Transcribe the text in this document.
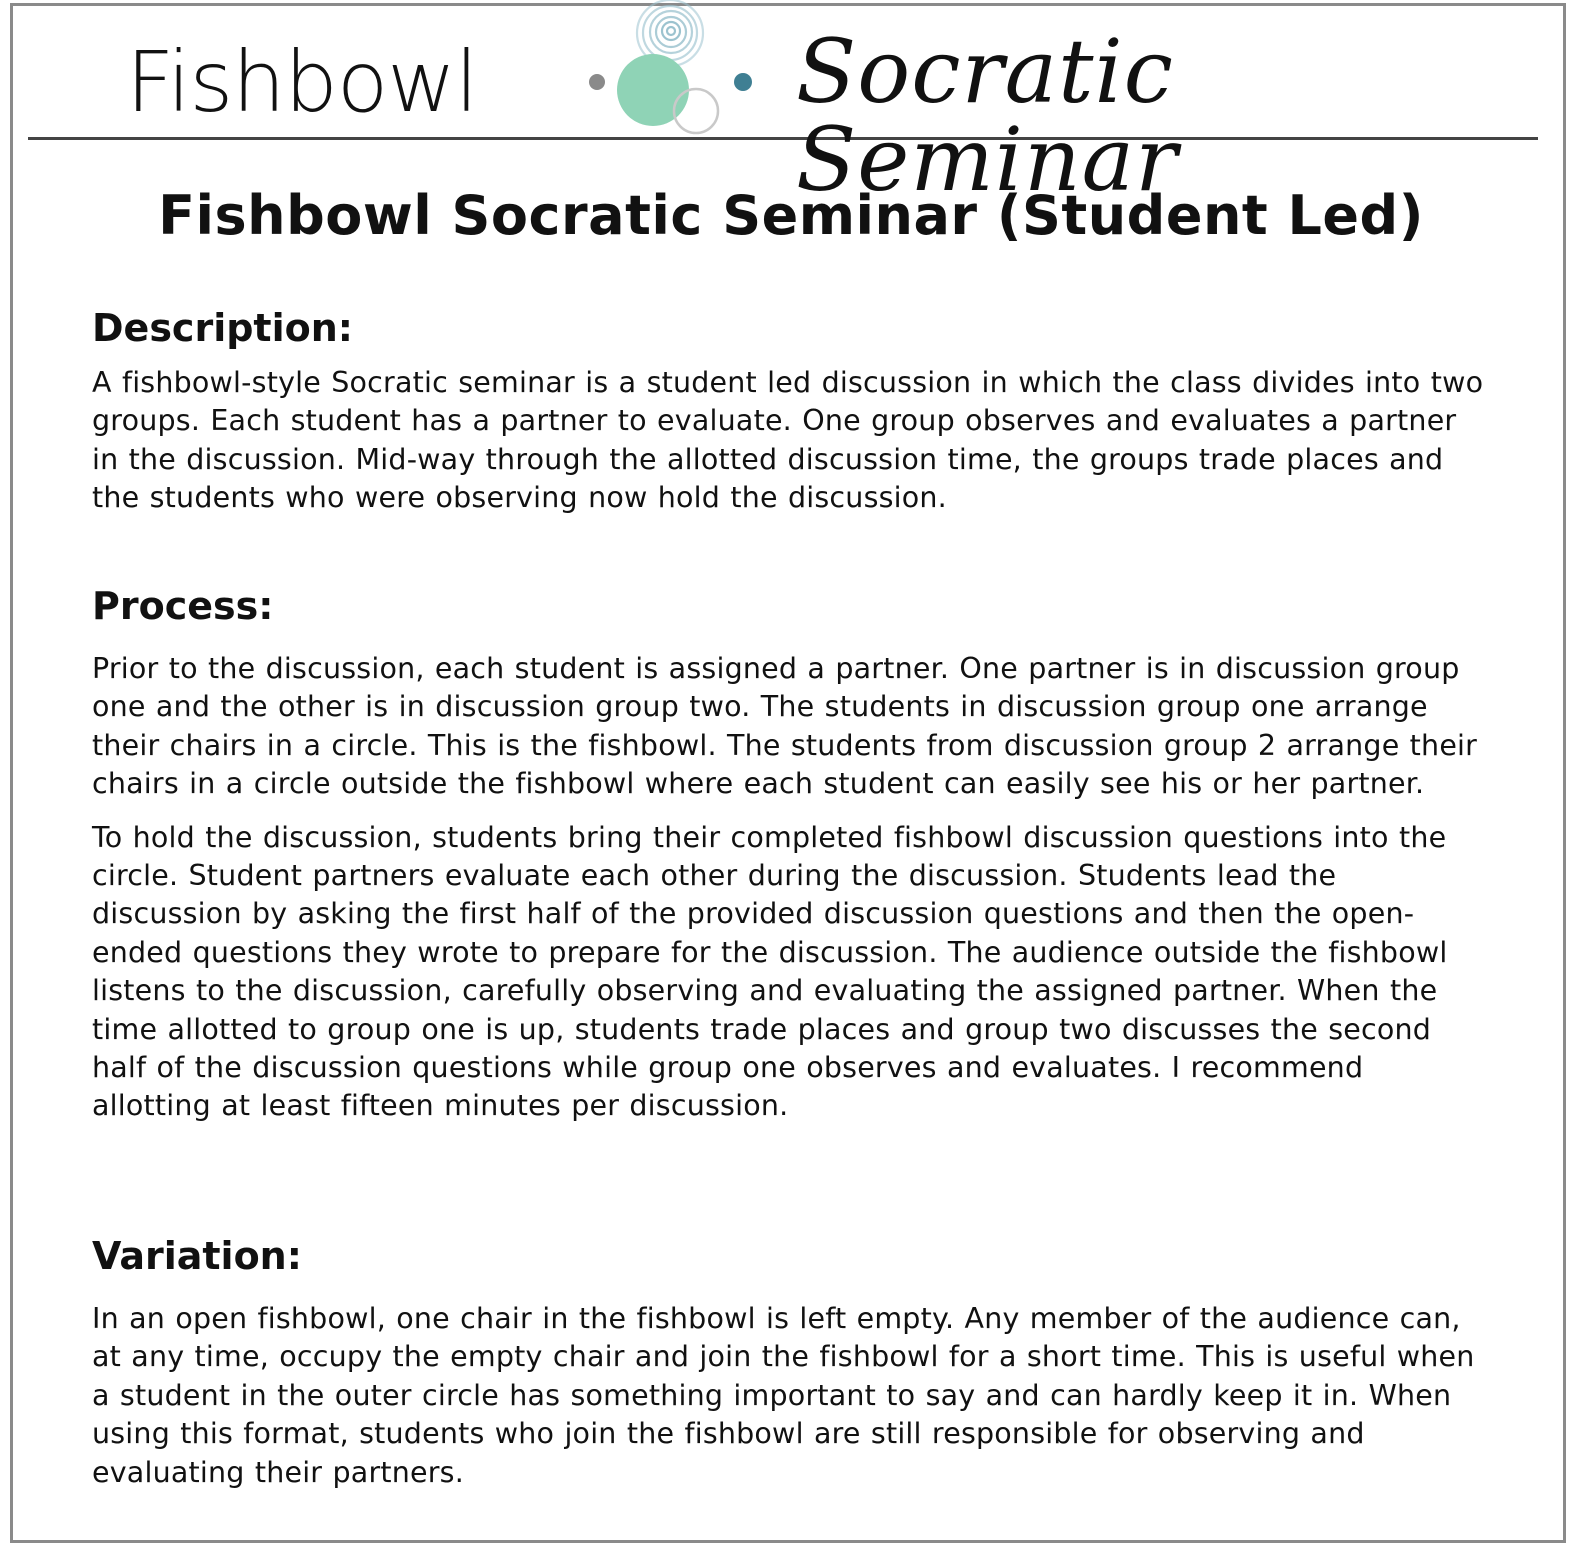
Fishbowl	Socratic Seminar
Fishbowl Socratic Seminar (Student Led)
Description:

A fishbowl-style Socratic seminar is a student led discussion in which the class divides into two groups. Each student has a partner to evaluate. One group observes and evaluates a partner in the discussion. Mid-way through the allotted discussion time, the groups trade places and the students who were observing now hold the discussion.

Process:

Prior to the discussion, each student is assigned a partner. One partner is in discussion group one and the other is in discussion group two. The students in discussion group one arrange their chairs in a circle. This is the fishbowl. The students from discussion group 2 arrange their chairs in a circle outside the fishbowl where each student can easily see his or her partner.

To hold the discussion, students bring their completed fishbowl discussion questions into the circle. Student partners evaluate each other during the discussion. Students lead the discussion by asking the first half of the provided discussion questions and then the open-ended questions they wrote to prepare for the discussion. The audience outside the fishbowl listens to the discussion, carefully observing and evaluating the assigned partner. When the time allotted to group one is up, students trade places and group two discusses the second half of the discussion questions while group one observes and evaluates. I recommend allotting at least fifteen minutes per discussion.

Variation:

In an open fishbowl, one chair in the fishbowl is left empty. Any member of the audience can, at any time, occupy the empty chair and join the fishbowl for a short time. This is useful when a student in the outer circle has something important to say and can hardly keep it in. When using this format, students who join the fishbowl are still responsible for observing and evaluating their partners.
